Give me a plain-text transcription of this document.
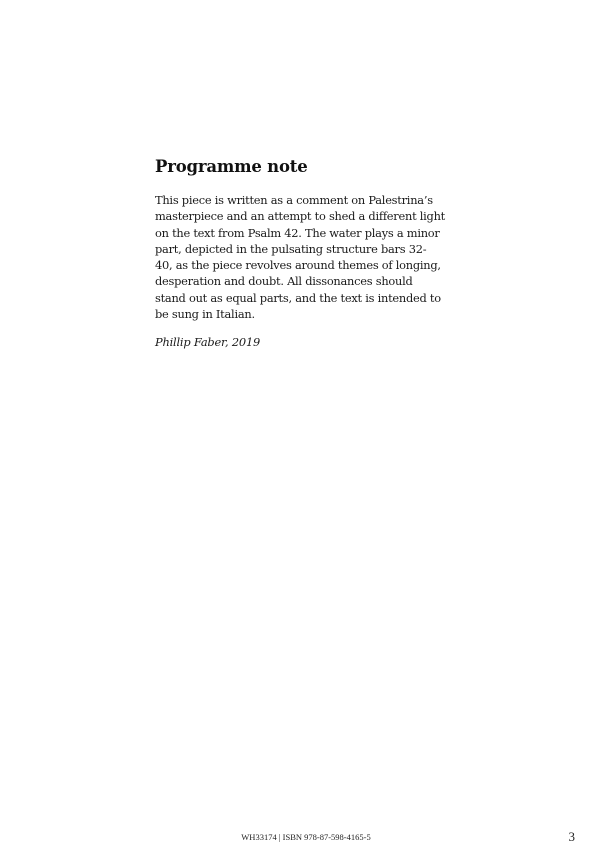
Programme note
This piece is written as a comment on Palestrina’s
masterpiece and an attempt to shed a different light
on the text from Psalm 42. The water plays a minor
part, depicted in the pulsating structure bars 32-
40, as the piece revolves around themes of longing,
desperation and doubt. All dissonances should
stand out as equal parts, and the text is intended to
be sung in Italian.

Phillip Faber, 2019

WH33174 | ISBN 978-87-598-4165-5	3
